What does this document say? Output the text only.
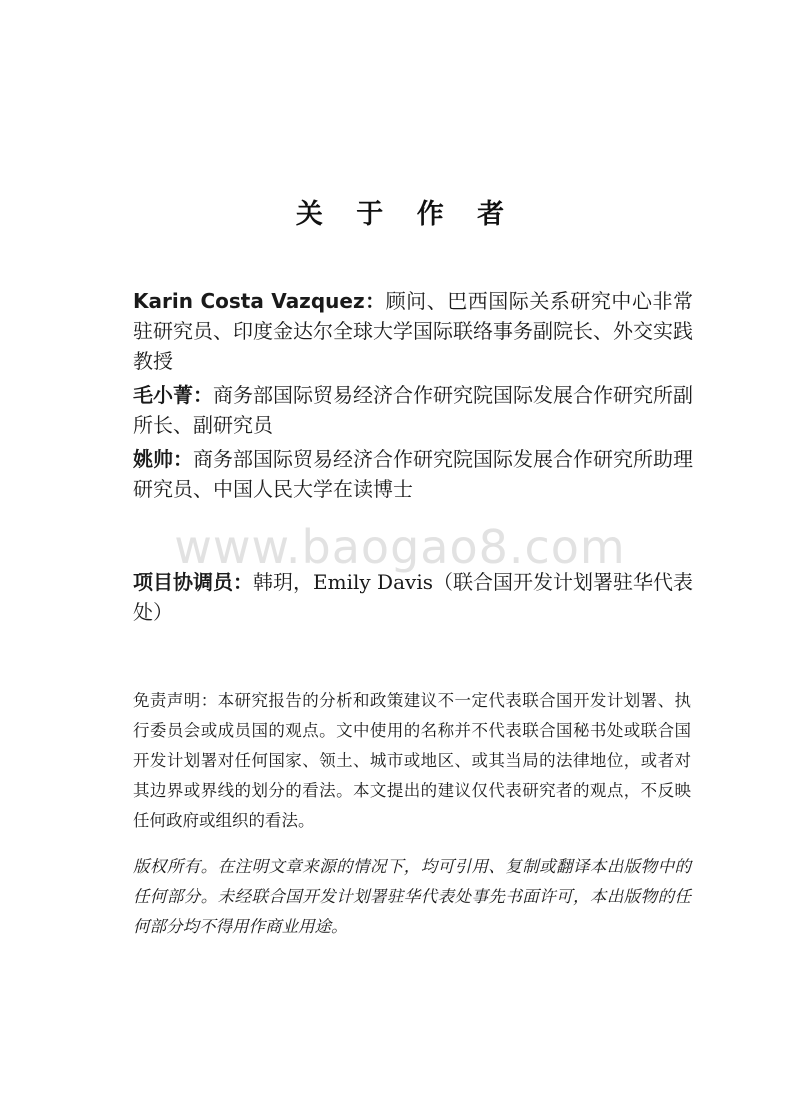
关 于 作 者
Karin Costa Vazquez：顾问、巴西国际关系研究中心非常驻研究员、印度金达尔全球大学国际联络事务副院长、外交实践教授
毛小菁：商务部国际贸易经济合作研究院国际发展合作研究所副所长、副研究员
姚帅：商务部国际贸易经济合作研究院国际发展合作研究所助理研究员、中国人民大学在读博士
www.baogao8.com
项目协调员：韩玥，Emily Davis（联合国开发计划署驻华代表处）
免责声明：本研究报告的分析和政策建议不一定代表联合国开发计划署、执行委员会或成员国的观点。文中使用的名称并不代表联合国秘书处或联合国开发计划署对任何国家、领土、城市或地区、或其当局的法律地位，或者对其边界或界线的划分的看法。本文提出的建议仅代表研究者的观点，不反映任何政府或组织的看法。
版权所有。在注明文章来源的情况下，均可引用、复制或翻译本出版物中的任何部分。未经联合国开发计划署驻华代表处事先书面许可，本出版物的任何部分均不得用作商业用途。
